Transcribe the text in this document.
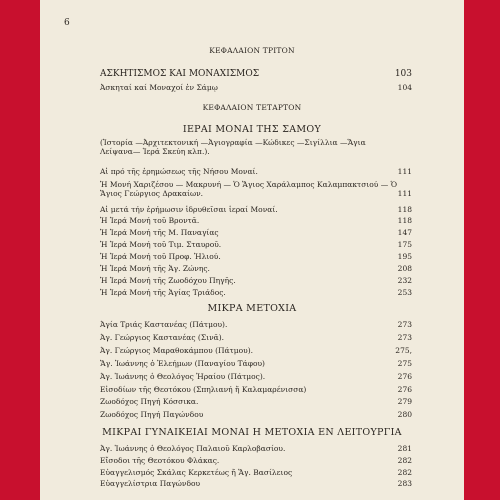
6
ΚΕΦΑΛΑΙΟΝ ΤΡΙΤΟΝ
ΑΣΚΗΤΙΣΜΟΣ ΚΑΙ ΜΟΝΑΧΙΣΜΟΣ	103
Ἀσκηταί καί Μοναχοί ἐν Σάμῳ	104
ΚΕΦΑΛΑΙΟΝ ΤΕΤΑΡΤΟΝ
ΙΕΡΑΙ ΜΟΝΑΙ ΤΗΣ ΣΑΜΟΥ
(Ἱστορία —Ἀρχιτεκτονική —Ἁγιογραφία —Κώδικες —Σιγίλλια —Ἅγια Λείψανα— Ἱερά Σκεύη κλπ.).
Αἱ πρό τῆς ἐρημώσεως τῆς Νήσου Μοναί.	111
Ἡ Μονή Χαριζέσου — Μακρυνή — Ὁ Ἅγιος Χαράλαμπος Καλαμπακτσιού — Ὁ Ἅγιος Γεώργιος Δρακαίων.	111
Αἱ μετά τήν ἐρήμωσιν ἱδρυθεῖσαι ἱεραί Μοναί.	118
Ἡ Ἱερά Μονή τοῦ Βροντᾶ.	118
Ἡ Ἱερά Μονή τῆς Μ. Παναγίας	147
Ἡ Ἱερά Μονή τοῦ Τιμ. Σταυροῦ.	175
Ἡ Ἱερά Μονή τοῦ Προφ. Ἡλιού.	195
Ἡ Ἱερά Μονή τῆς Ἁγ. Ζώνης.	208
Ἡ Ἱερά Μονή τῆς Ζωοδόχου Πηγῆς.	232
Ἡ Ἱερά Μονή τῆς Ἁγίας Τριάδος.	253
ΜΙΚΡΑ ΜΕΤΟΧΙΑ
Ἁγία Τριάς Καστανέας (Πάτμου).	273
Ἁγ. Γεώργιος Καστανέας (Σινᾶ).	273
Ἁγ. Γεώργιος Μαραθοκάμπου (Πάτμου).	275,
Ἅγ. Ἰωάννης ὁ Ἐλεήμων (Παναγίου Τάφου)	275
Ἁγ. Ἰωάννης ὁ Θεολόγος Ἡραίου (Πάτμος).	276
Εἰσοδίων τῆς Θεοτόκου (Σπηλιανή ἤ Καλαμαρένισσα)	276
Ζωοδόχος Πηγή Κόσσικα.	279
Ζωοδόχος Πηγή Παγώνδου	280
ΜΙΚΡΑΙ ΓΥΝΑΙΚΕΙΑΙ ΜΟΝΑΙ Η ΜΕΤΟΧΙΑ ΕΝ ΛΕΙΤΟΥΡΓΙΑ
Ἁγ. Ἰωάννης ὁ Θεολόγος Παλαιοῦ Καρλοβασίου.	281
Εἴσοδοι τῆς Θεοτόκου Φλάκας.	282
Εὐαγγελισμός Σκάλας Κερκετέως ἤ Ἅγ. Βασίλειος	282
Εὐαγγελίστρια Παγώνδου	283
